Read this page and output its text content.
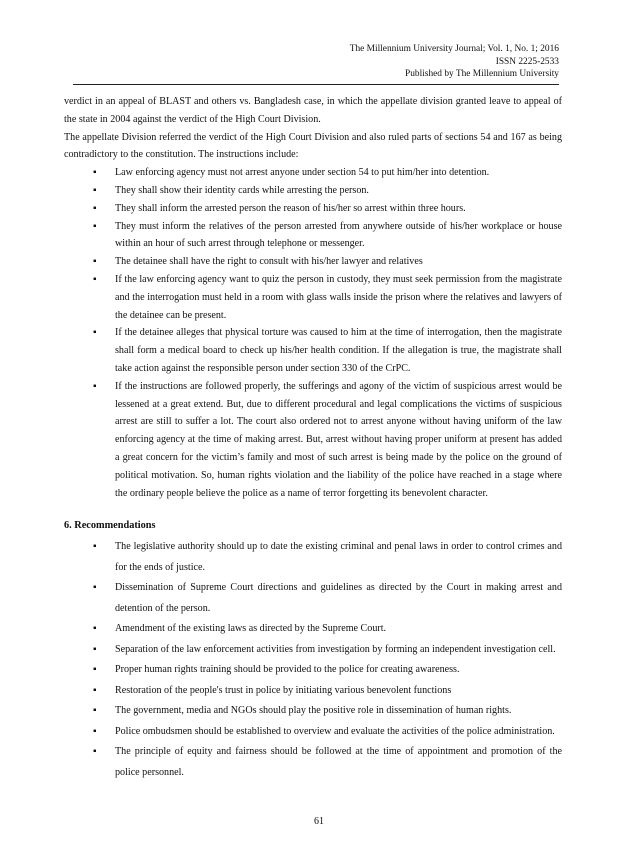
The Millennium University Journal; Vol. 1, No. 1; 2016
ISSN 2225-2533
Published by The Millennium University

verdict in an appeal of BLAST and others vs. Bangladesh case, in which the appellate division granted leave to appeal of the state in 2004 against the verdict of the High Court Division.

The appellate Division referred the verdict of the High Court Division and also ruled parts of sections 54 and 167 as being contradictory to the constitution. The instructions include:

▪ Law enforcing agency must not arrest anyone under section 54 to put him/her into detention.
▪ They shall show their identity cards while arresting the person.
▪ They shall inform the arrested person the reason of his/her so arrest within three hours.
▪ They must inform the relatives of the person arrested from anywhere outside of his/her workplace or house within an hour of such arrest through telephone or messenger.
▪ The detainee shall have the right to consult with his/her lawyer and relatives
▪ If the law enforcing agency want to quiz the person in custody, they must seek permission from the magistrate and the interrogation must held in a room with glass walls inside the prison where the relatives and lawyers of the detainee can be present.
▪ If the detainee alleges that physical torture was caused to him at the time of interrogation, then the magistrate shall form a medical board to check up his/her health condition. If the allegation is true, the magistrate shall take action against the responsible person under section 330 of the CrPC.
▪ If the instructions are followed properly, the sufferings and agony of the victim of suspicious arrest would be lessened at a great extend. But, due to different procedural and legal complications the victims of suspicious arrest are still to suffer a lot. The court also ordered not to arrest anyone without having uniform of the law enforcing agency at the time of making arrest. But, arrest without having proper uniform at present has added a great concern for the victim’s family and most of such arrest is being made by the police on the ground of political motivation. So, human rights violation and the liability of the police have reached in a stage where the ordinary people believe the police as a name of terror forgetting its benevolent character.
6. Recommendations
▪ The legislative authority should up to date the existing criminal and penal laws in order to control crimes and for the ends of justice.
▪ Dissemination of Supreme Court directions and guidelines as directed by the Court in making arrest and detention of the person.
▪ Amendment of the existing laws as directed by the Supreme Court.
▪ Separation of the law enforcement activities from investigation by forming an independent investigation cell.
▪ Proper human rights training should be provided to the police for creating awareness.
▪ Restoration of the people's trust in police by initiating various benevolent functions
▪ The government, media and NGOs should play the positive role in dissemination of human rights.
▪ Police ombudsmen should be established to overview and evaluate the activities of the police administration.
▪ The principle of equity and fairness should be followed at the time of appointment and promotion of the police personnel.
61
